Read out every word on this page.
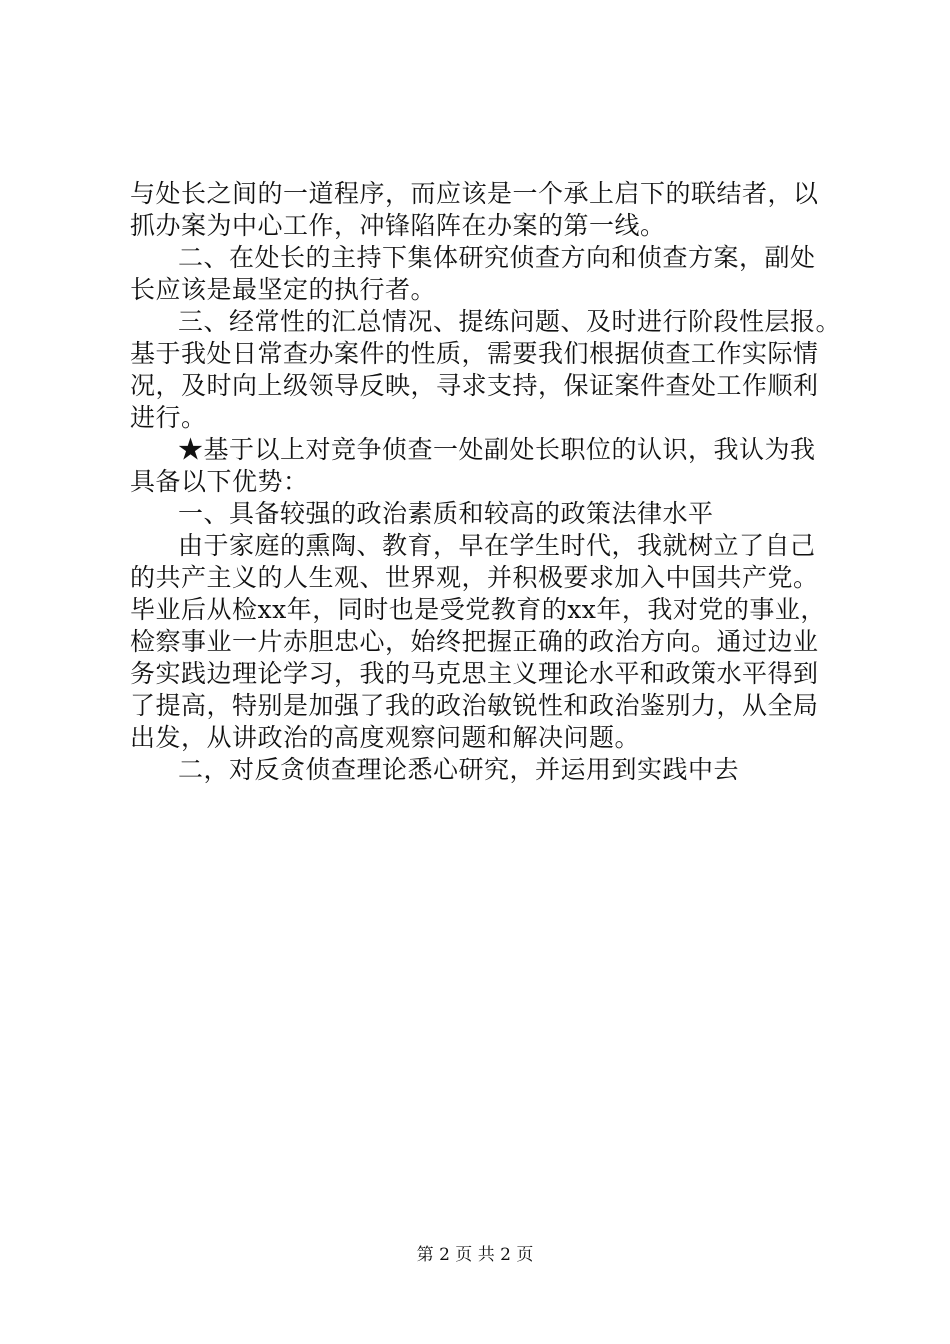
与处长之间的一道程序，而应该是一个承上启下的联结者，以
抓办案为中心工作，冲锋陷阵在办案的第一线。
二、在处长的主持下集体研究侦查方向和侦查方案，副处
长应该是最坚定的执行者。
三、经常性的汇总情况、提练问题、及时进行阶段性层报。
基于我处日常查办案件的性质，需要我们根据侦查工作实际情
况，及时向上级领导反映，寻求支持，保证案件查处工作顺利
进行。
★基于以上对竞争侦查一处副处长职位的认识，我认为我
具备以下优势：
一、具备较强的政治素质和较高的政策法律水平
由于家庭的熏陶、教育，早在学生时代，我就树立了自己
的共产主义的人生观、世界观，并积极要求加入中国共产党。
毕业后从检xx年，同时也是受党教育的xx年，我对党的事业，
检察事业一片赤胆忠心，始终把握正确的政治方向。通过边业
务实践边理论学习，我的马克思主义理论水平和政策水平得到
了提高，特别是加强了我的政治敏锐性和政治鉴别力，从全局
出发，从讲政治的高度观察问题和解决问题。
二，对反贪侦查理论悉心研究，并运用到实践中去
第 2 页 共 2 页
